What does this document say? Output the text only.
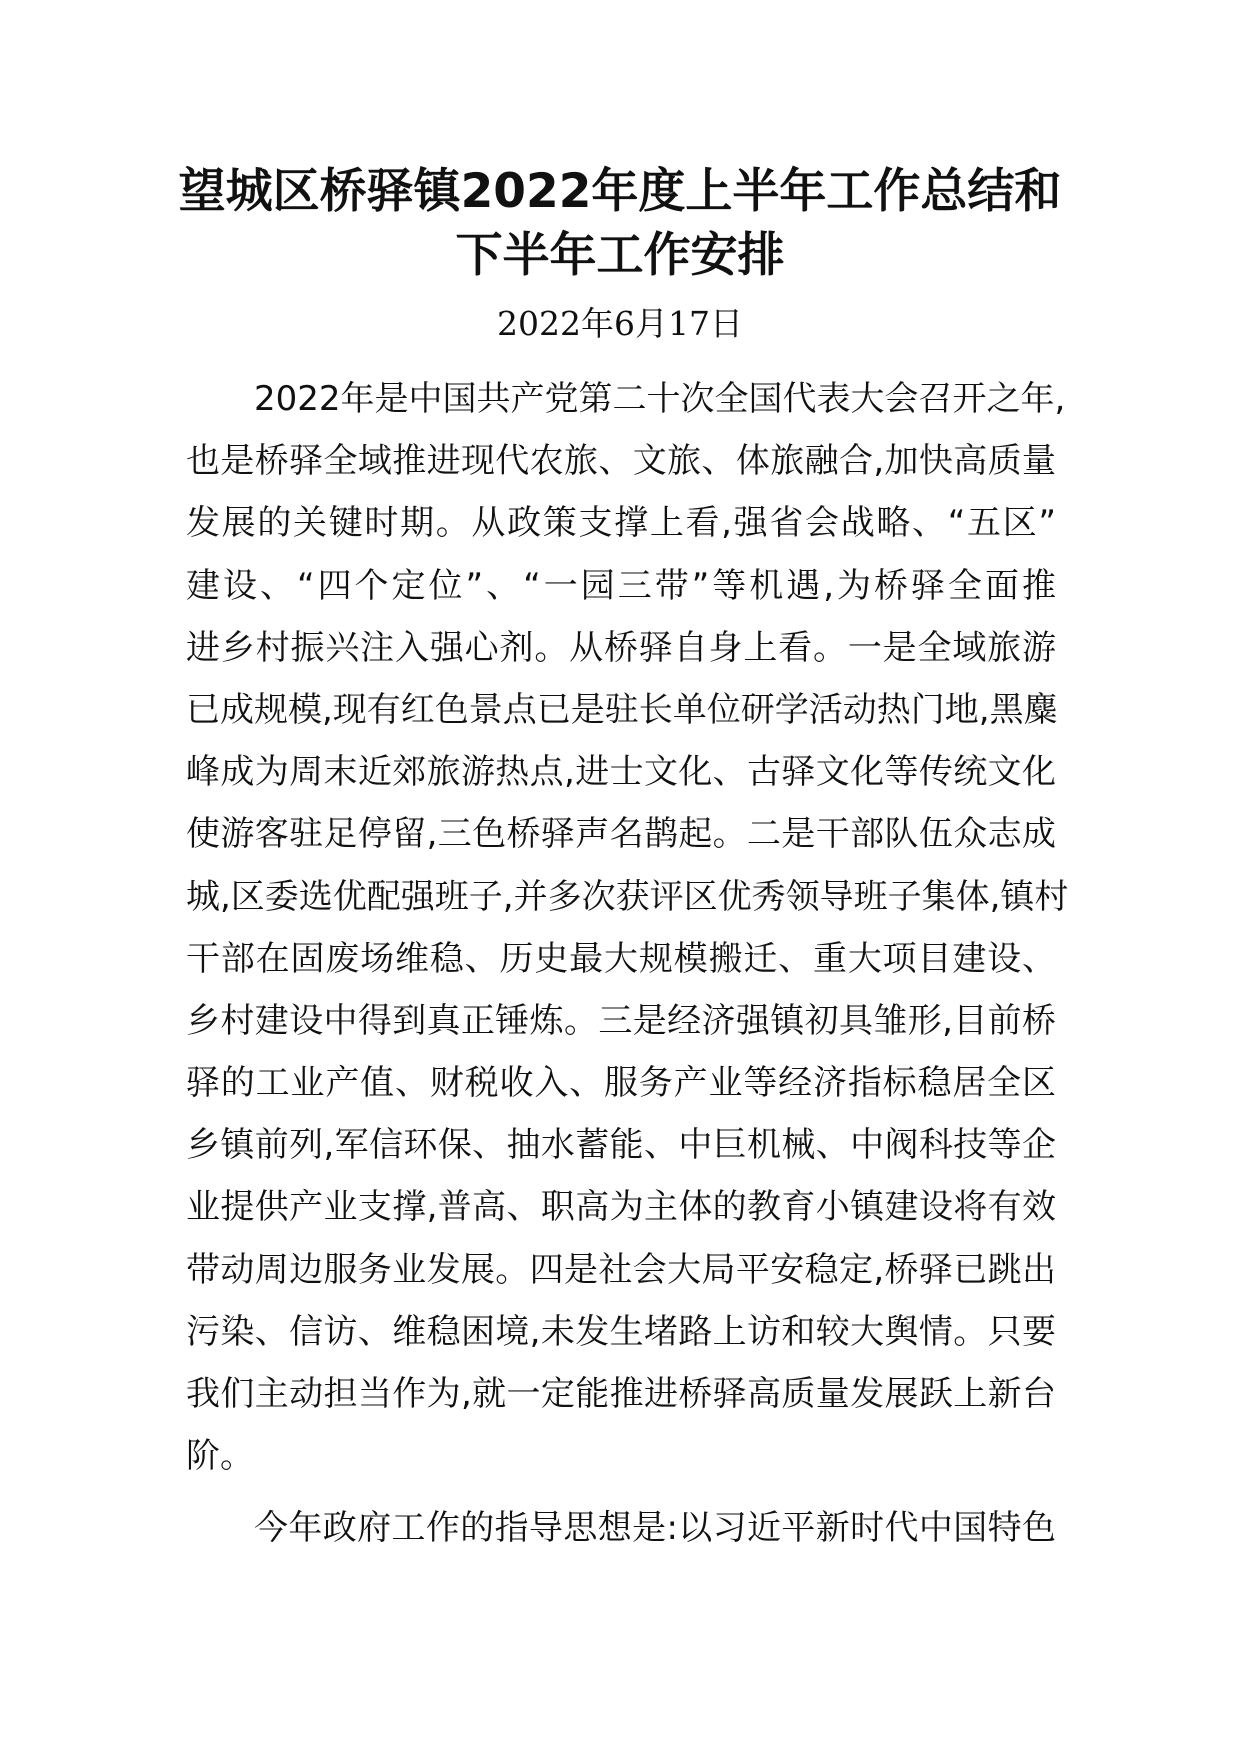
望城区桥驿镇2022年度上半年工作总结和
下半年工作安排
2022年6月17日
2022年是中国共产党第二十次全国代表大会召开之年,
也是桥驿全域推进现代农旅、文旅、体旅融合,加快高质量
发展的关键时期。从政策支撑上看,强省会战略、“五区”
建设、“四个定位”、“一园三带”等机遇,为桥驿全面推
进乡村振兴注入强心剂。从桥驿自身上看。一是全域旅游
已成规模,现有红色景点已是驻长单位研学活动热门地,黑麋
峰成为周末近郊旅游热点,进士文化、古驿文化等传统文化
使游客驻足停留,三色桥驿声名鹊起。二是干部队伍众志成
城,区委选优配强班子,并多次获评区优秀领导班子集体,镇村
干部在固废场维稳、历史最大规模搬迁、重大项目建设、
乡村建设中得到真正锤炼。三是经济强镇初具雏形,目前桥
驿的工业产值、财税收入、服务产业等经济指标稳居全区
乡镇前列,军信环保、抽水蓄能、中巨机械、中阀科技等企
业提供产业支撑,普高、职高为主体的教育小镇建设将有效
带动周边服务业发展。四是社会大局平安稳定,桥驿已跳出
污染、信访、维稳困境,未发生堵路上访和较大舆情。只要
我们主动担当作为,就一定能推进桥驿高质量发展跃上新台
阶。
今年政府工作的指导思想是:以习近平新时代中国特色
